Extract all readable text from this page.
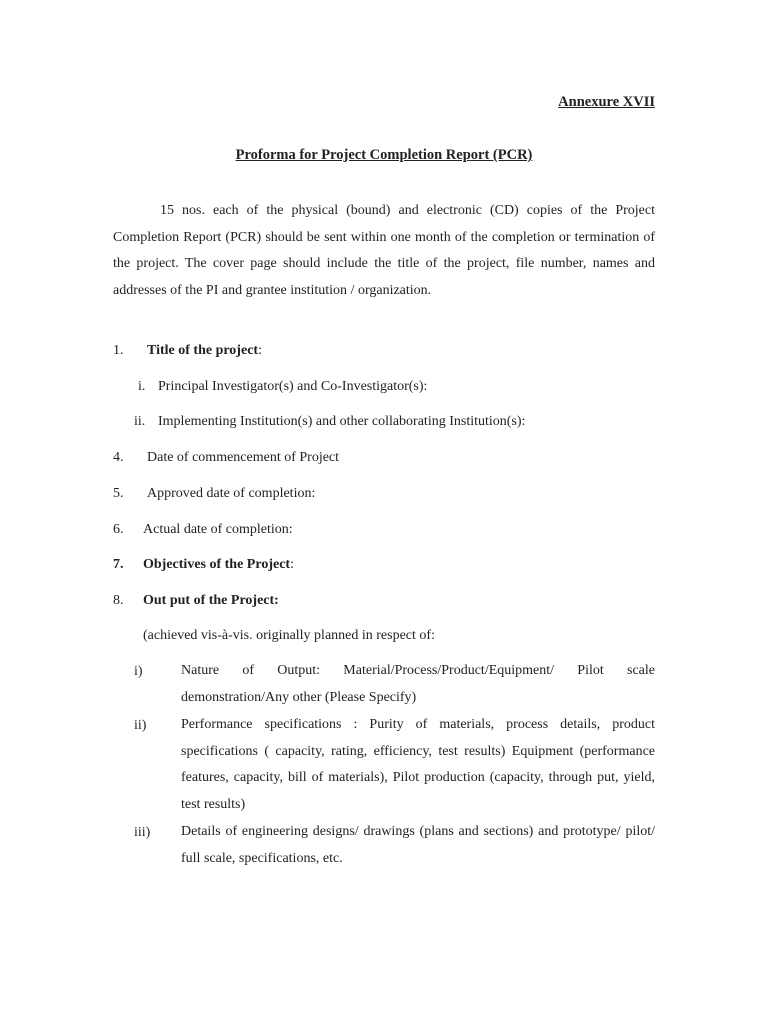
Annexure XVII
Proforma for Project Completion Report (PCR)

15 nos. each of the physical (bound) and electronic (CD) copies of the Project Completion Report (PCR) should be sent within one month of the completion or termination of the project. The cover page should include the title of the project, file number, names and addresses of the PI and grantee institution / organization.

1. Title of the project:
i. Principal Investigator(s) and Co-Investigator(s):
ii. Implementing Institution(s) and other collaborating Institution(s):
4. Date of commencement of Project
5. Approved date of completion:
6. Actual date of completion:
7. Objectives of the Project:
8. Out put of the Project:
(achieved vis-à-vis. originally planned in respect of:
i)	Nature of Output: Material/Process/Product/Equipment/ Pilot scale demonstration/Any other (Please Specify)

ii) Performance specifications : Purity of materials, process details, product specifications ( capacity, rating, efficiency, test results) Equipment (performance features, capacity, bill of materials), Pilot production (capacity, through put, yield, test results)

iii) Details of engineering designs/ drawings (plans and sections) and prototype/ pilot/ full scale, specifications, etc.
